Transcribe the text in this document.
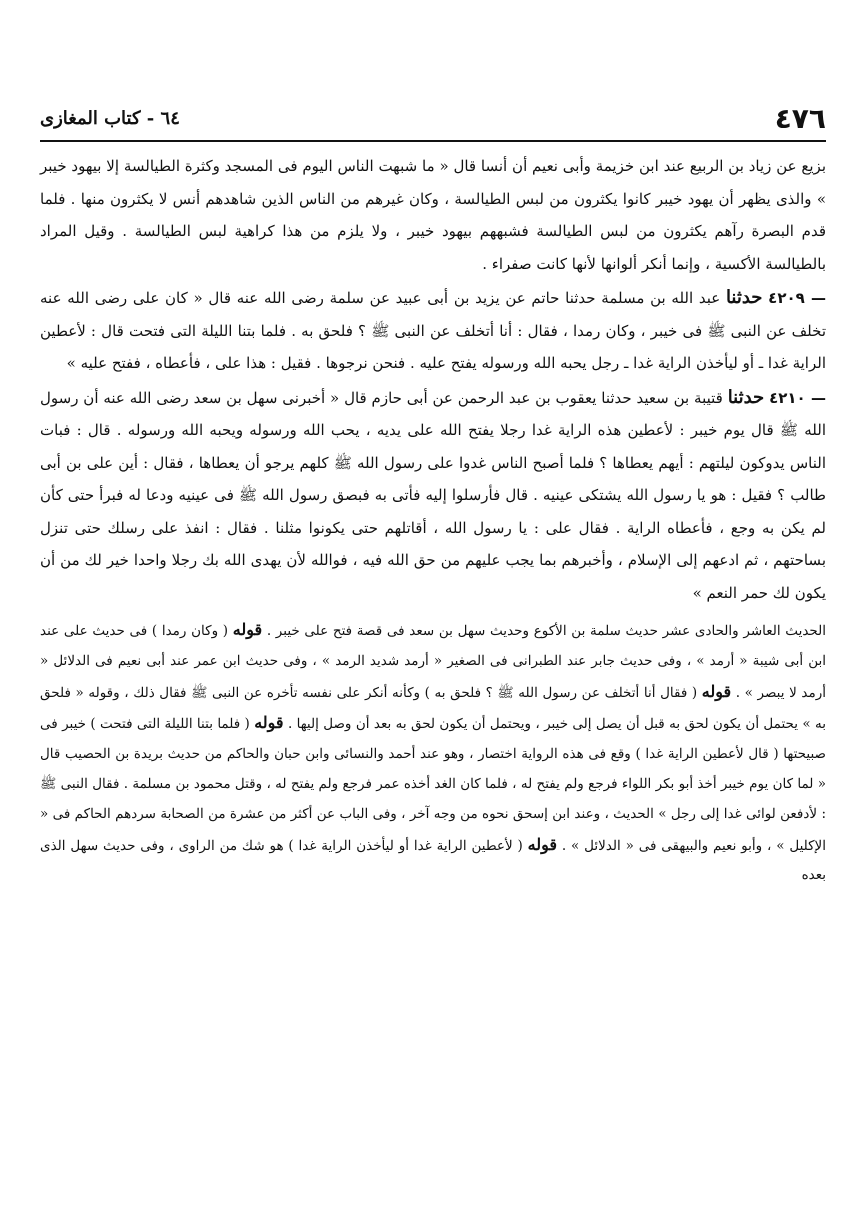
٤٧٦
٦٤ - كتاب المغازى

بزيع عن زياد بن الربيع عند ابن خزيمة وأبى نعيم أن أنسا قال « ما شبهت الناس اليوم فى المسجد وكثرة الطيالسة إلا بيهود خيبر » والذى يظهر أن يهود خيبر كانوا يكثرون من لبس الطيالسة ، وكان غيرهم من الناس الذين شاهدهم أنس لا يكثرون منها . فلما قدم البصرة رآهم يكثرون من لبس الطيالسة فشبههم بيهود خيبر ، ولا يلزم من هذا كراهية لبس الطيالسة . وقيل المراد بالطيالسة الأكسية ، وإنما أنكر ألوانها لأنها كانت صفراء .

٤٢٠٩ — حدثنا عبد الله بن مسلمة حدثنا حاتم عن يزيد بن أبى عبيد عن سلمة رضى الله عنه قال « كان على رضى الله عنه تخلف عن النبى ﷺ فى خيبر ، وكان رمدا ، فقال : أنا أتخلف عن النبى ﷺ ؟ فلحق به . فلما بتنا الليلة التى فتحت قال : لأعطين الراية غدا ـ أو ليأخذن الراية غدا ـ رجل يحبه الله ورسوله يفتح عليه . فنحن نرجوها . فقيل : هذا على ، فأعطاه ، ففتح عليه »

٤٢١٠ — حدثنا قتيبة بن سعيد حدثنا يعقوب بن عبد الرحمن عن أبى حازم قال « أخبرنى سهل بن سعد رضى الله عنه أن رسول الله ﷺ قال يوم خيبر : لأعطين هذه الراية غدا رجلا يفتح الله على يديه ، يحب الله ورسوله ويحبه الله ورسوله . قال : فبات الناس يدوكون ليلتهم : أيهم يعطاها ؟ فلما أصبح الناس غدوا على رسول الله ﷺ كلهم يرجو أن يعطاها ، فقال : أين على بن أبى طالب ؟ فقيل : هو يا رسول الله يشتكى عينيه . قال فأرسلوا إليه فأتى به فبصق رسول الله ﷺ فى عينيه ودعا له فبرأ حتى كأن لم يكن به وجع ، فأعطاه الراية . فقال على : يا رسول الله ، أقاتلهم حتى يكونوا مثلنا . فقال : انفذ على رسلك حتى تنزل بساحتهم ، ثم ادعهم إلى الإسلام ، وأخبرهم بما يجب عليهم من حق الله فيه ، فوالله لأن يهدى الله بك رجلا واحدا خير لك من أن يكون لك حمر النعم »

الحديث العاشر والحادى عشر حديث سلمة بن الأكوع وحديث سهل بن سعد فى قصة فتح على خيبر . قوله ( وكان رمدا ) فى حديث على عند ابن أبى شيبة « أرمد » ، وفى حديث جابر عند الطبرانى فى الصغير « أرمد شديد الرمد » ، وفى حديث ابن عمر عند أبى نعيم فى الدلائل « أرمد لا يبصر » . قوله ( فقال أنا أتخلف عن رسول الله ﷺ ؟ فلحق به ) وكأنه أنكر على نفسه تأخره عن النبى ﷺ فقال ذلك ، وقوله « فلحق به » يحتمل أن يكون لحق به قبل أن يصل إلى خيبر ، ويحتمل أن يكون لحق به بعد أن وصل إليها . قوله ( فلما بتنا الليلة التى فتحت ) خيبر فى صبيحتها ( قال لأعطين الراية غدا ) وقع فى هذه الرواية اختصار ، وهو عند أحمد والنسائى وابن حبان والحاكم من حديث بريدة بن الحصيب قال « لما كان يوم خيبر أخذ أبو بكر اللواء فرجع ولم يفتح له ، فلما كان الغد أخذه عمر فرجع ولم يفتح له ، وقتل محمود بن مسلمة . فقال النبى ﷺ : لأدفعن لوائى غدا إلى رجل » الحديث ، وعند ابن إسحق نحوه من وجه آخر ، وفى الباب عن أكثر من عشرة من الصحابة سردهم الحاكم فى « الإكليل » ، وأبو نعيم والبيهقى فى « الدلائل » . قوله ( لأعطين الراية غدا أو ليأخذن الراية غدا ) هو شك من الراوى ، وفى حديث سهل الذى بعده
